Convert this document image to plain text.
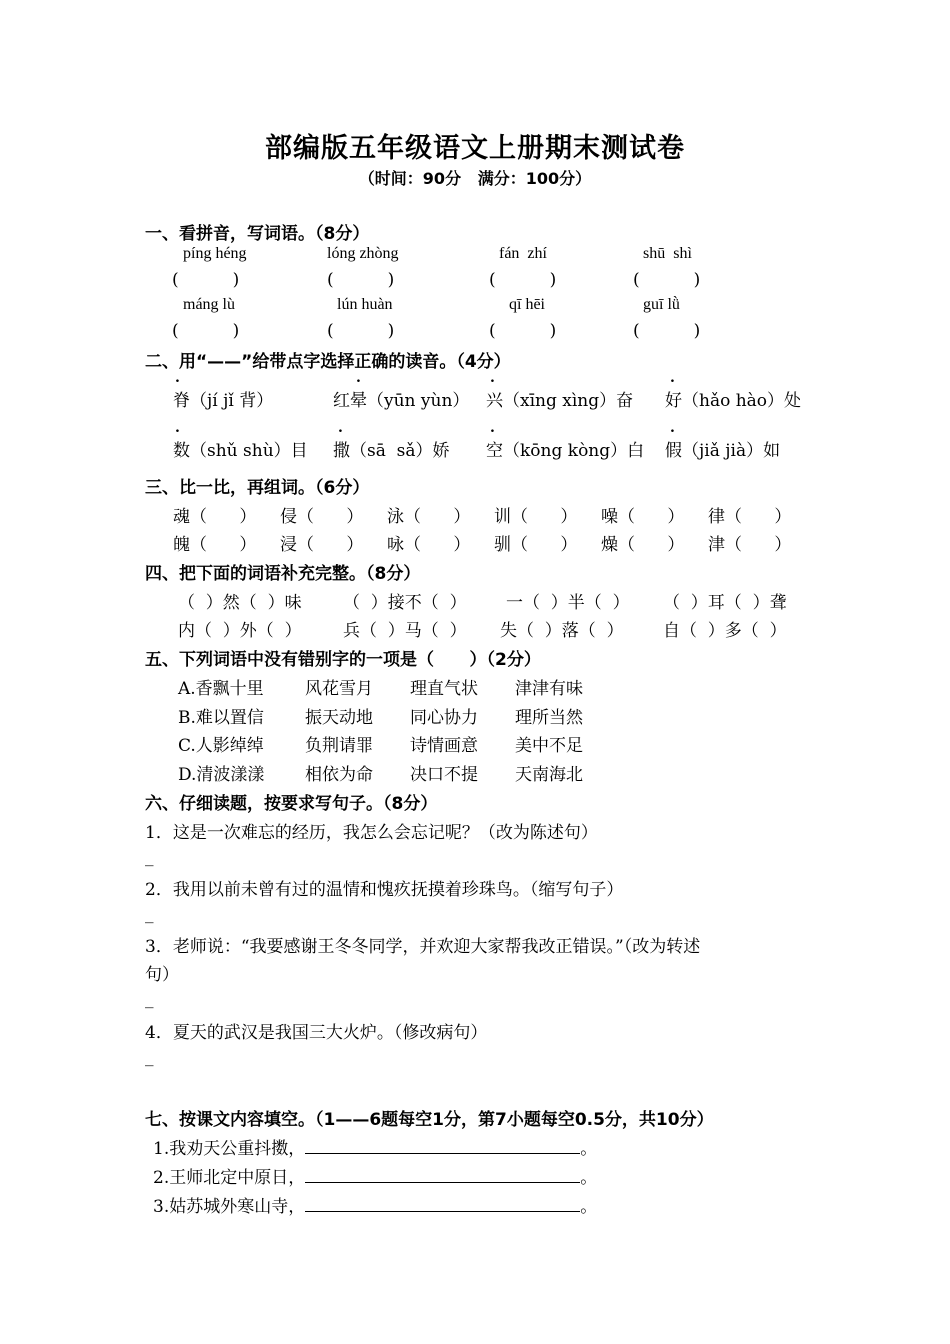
部编版五年级语文上册期末测试卷
（时间：90分   满分：100分）
一、看拼音，写词语。（8分）
píng héng	lóng zhòng	fán  zhí	shū  shì
(          )	(          )	(          )	(          )
máng lù	lún huàn	qī hēi	guī lǜ
(          )	(          )	(          )	(          )
二、用“——”给带点字选择正确的读音。（4分）
.	.	.	.
脊（jí jǐ 背）	红晕（yūn yùn） 兴（xīng xìng）奋 好（hǎo hào）处
.	.	.	.
数（shǔ shù）目 撒（sā  sǎ）娇 空（kōng kòng）白 假（jiǎ jià）如
三、比一比，再组词。（6分）
魂（      ） 侵（      ） 泳（      ） 训（      ） 噪（      ） 律（      ）
魄（      ） 浸（      ） 咏（      ） 驯（      ） 燥（      ） 津（      ）
四、把下面的词语补充完整。（8分）
（  ）然（  ）味 （  ）接不（  ） 一（  ）半（  ） （  ）耳（  ）聋
内（  ）外（  ） 兵（  ）马（  ） 失（  ）落（  ） 自（  ）多（  ）
五、下列词语中没有错别字的一项是（      ）（2分）
A.香飘十里 风花雪月 理直气状 津津有味
B.难以置信 振天动地 同心协力 理所当然
C.人影绰绰 负荆请罪 诗情画意 美中不足
D.清波漾漾 相依为命 决口不提 天南海北
六、仔细读题，按要求写句子。（8分）
1．这是一次难忘的经历，我怎么会忘记呢？（改为陈述句）
_
2．我用以前未曾有过的温情和愧疚抚摸着珍珠鸟。（缩写句子）
_
3．老师说：“我要感谢王冬冬同学，并欢迎大家帮我改正错误。”（改为转述
句）
_
4．夏天的武汉是我国三大火炉。（修改病句）
_
七、按课文内容填空。（1——6题每空1分，第7小题每空0.5分，共10分）
1.我劝天公重抖擞，	。
2.王师北定中原日，	。
3.姑苏城外寒山寺，	。
